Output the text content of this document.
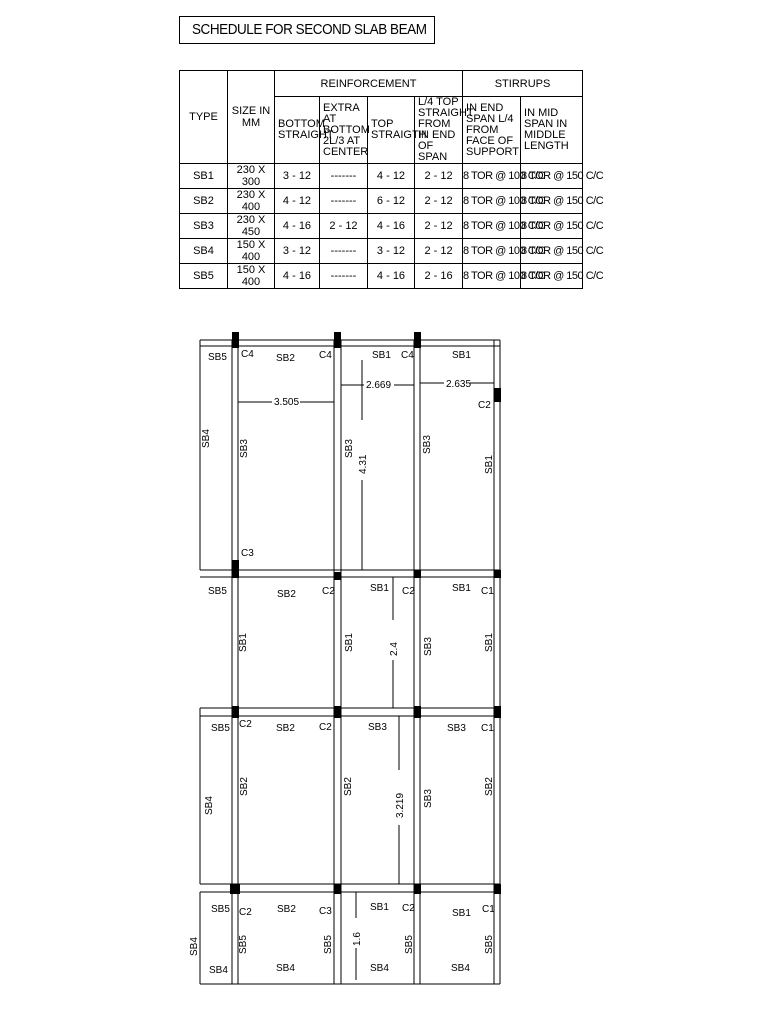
SCHEDULE FOR SECOND SLAB BEAM
TYPE	SIZE IN MM	REINFORCEMENT				STIRRUPS	
		BOTTOM STRAIGHT	EXTRA AT BOTTOM 2L/3 AT CENTER	TOP STRAIGTH	L/4 TOP STRAIGHT FROM IN END OF SPAN	IN END SPAN L/4 FROM FACE OF SUPPORT	IN MID SPAN IN MIDDLE LENGTH
SB1	230 X 300	3 - 12	-------	4 - 12	2 - 12	8 TOR @ 100 C/C	8 TOR @ 150 C/C
SB2	230 X 400	4 - 12	-------	6 - 12	2 - 12	8 TOR @ 100 C/C	8 TOR @ 150 C/C
SB3	230 X 450	4 - 16	2 - 12	4 - 16	2 - 12	8 TOR @ 100 C/C	8 TOR @ 150 C/C
SB4	150 X 400	3 - 12	-------	3 - 12	2 - 12	8 TOR @ 100 C/C	8 TOR @ 150 C/C
SB5	150 X 400	4 - 16	-------	4 - 16	2 - 16	8 TOR @ 100 C/C	8 TOR @ 150 C/C
SB5 C4 SB2 C4	SB1 C4	SB1
3.505
2.669	2.635
C2
SB4
SB3	SB3
4.31
SB3
SB1
C3
SB5	SB2	C2	SB1 C2	SB1 C1
SB1	SB1	2.4 SB3	SB1
SB5 C2 SB2 C2	SB3	SB3 C1
SB4
SB2	SB2
3.219 SB3
SB2
SB5 C2	SB2 C3	SB1 C2	SB1 C1
SB4	SB5	SB5 1.6	SB5	SB5
SB4	SB4	SB4	SB4
